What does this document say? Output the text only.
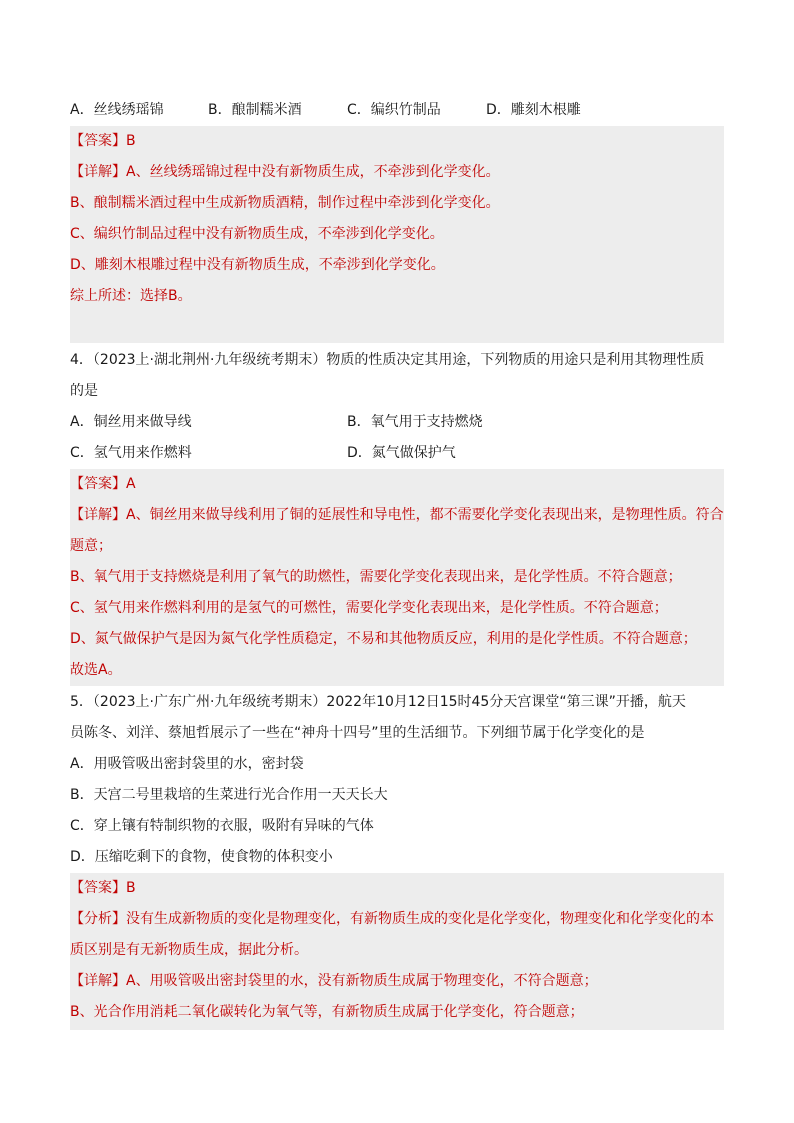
A．丝线绣瑶锦	B．酿制糯米酒	C．编织竹制品	D．雕刻木根雕
【答案】B
【详解】A、丝线绣瑶锦过程中没有新物质生成，不牵涉到化学变化。
B、酿制糯米酒过程中生成新物质酒精，制作过程中牵涉到化学变化。
C、编织竹制品过程中没有新物质生成，不牵涉到化学变化。
D、雕刻木根雕过程中没有新物质生成，不牵涉到化学变化。
综上所述：选择B。
4．（2023上·湖北荆州·九年级统考期末）物质的性质决定其用途，下列物质的用途只是利用其物理性质
的是
A．铜丝用来做导线	B．氧气用于支持燃烧
C．氢气用来作燃料	D．氮气做保护气
【答案】A
【详解】A、铜丝用来做导线利用了铜的延展性和导电性，都不需要化学变化表现出来，是物理性质。符合
题意；
B、氧气用于支持燃烧是利用了氧气的助燃性，需要化学变化表现出来，是化学性质。不符合题意；
C、氢气用来作燃料利用的是氢气的可燃性，需要化学变化表现出来，是化学性质。不符合题意；
D、氮气做保护气是因为氮气化学性质稳定，不易和其他物质反应，利用的是化学性质。不符合题意；
故选A。
5．（2023上·广东广州·九年级统考期末）2022年10月12日15时45分天宫课堂“第三课”开播，航天
员陈冬、刘洋、蔡旭哲展示了一些在“神舟十四号”里的生活细节。下列细节属于化学变化的是
A．用吸管吸出密封袋里的水，密封袋
B．天宫二号里栽培的生菜进行光合作用一天天长大
C．穿上镶有特制织物的衣服，吸附有异味的气体
D．压缩吃剩下的食物，使食物的体积变小
【答案】B
【分析】没有生成新物质的变化是物理变化，有新物质生成的变化是化学变化，物理变化和化学变化的本
质区别是有无新物质生成，据此分析。
【详解】A、用吸管吸出密封袋里的水，没有新物质生成属于物理变化，不符合题意；
B、光合作用消耗二氧化碳转化为氧气等，有新物质生成属于化学变化，符合题意；
